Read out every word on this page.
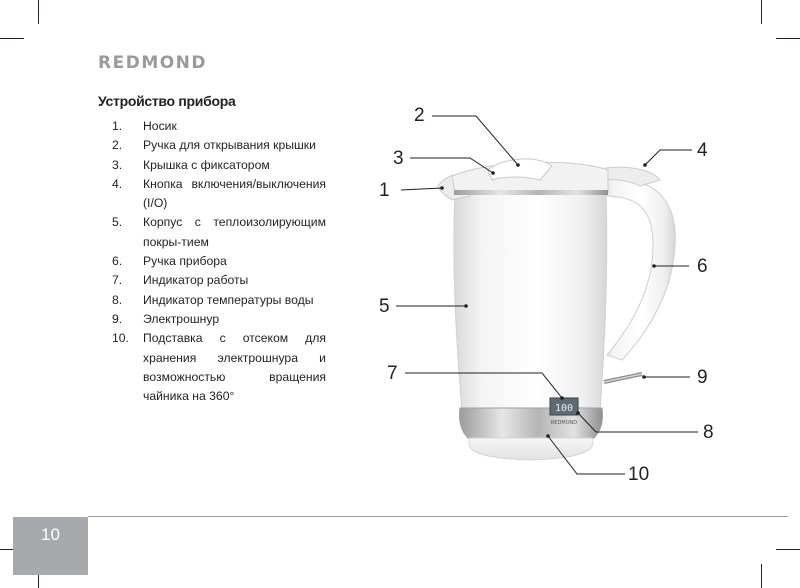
REDMOND
Устройство прибора
1. Носик
2. Ручка для открывания крышки
3. Крышка с фиксатором
4. Кнопка включения/выключения (I/O)
5. Корпус с теплоизолирующим покры-тием
6. Ручка прибора
7. Индикатор работы
8. Индикатор температуры воды
9. Электрошнур
10. Подставка с отсеком для хранения электрошнура и возможностью вращения чайника на 360°
100
REDMOND
1
2
3	4
5
6
7
8
9
10
10
